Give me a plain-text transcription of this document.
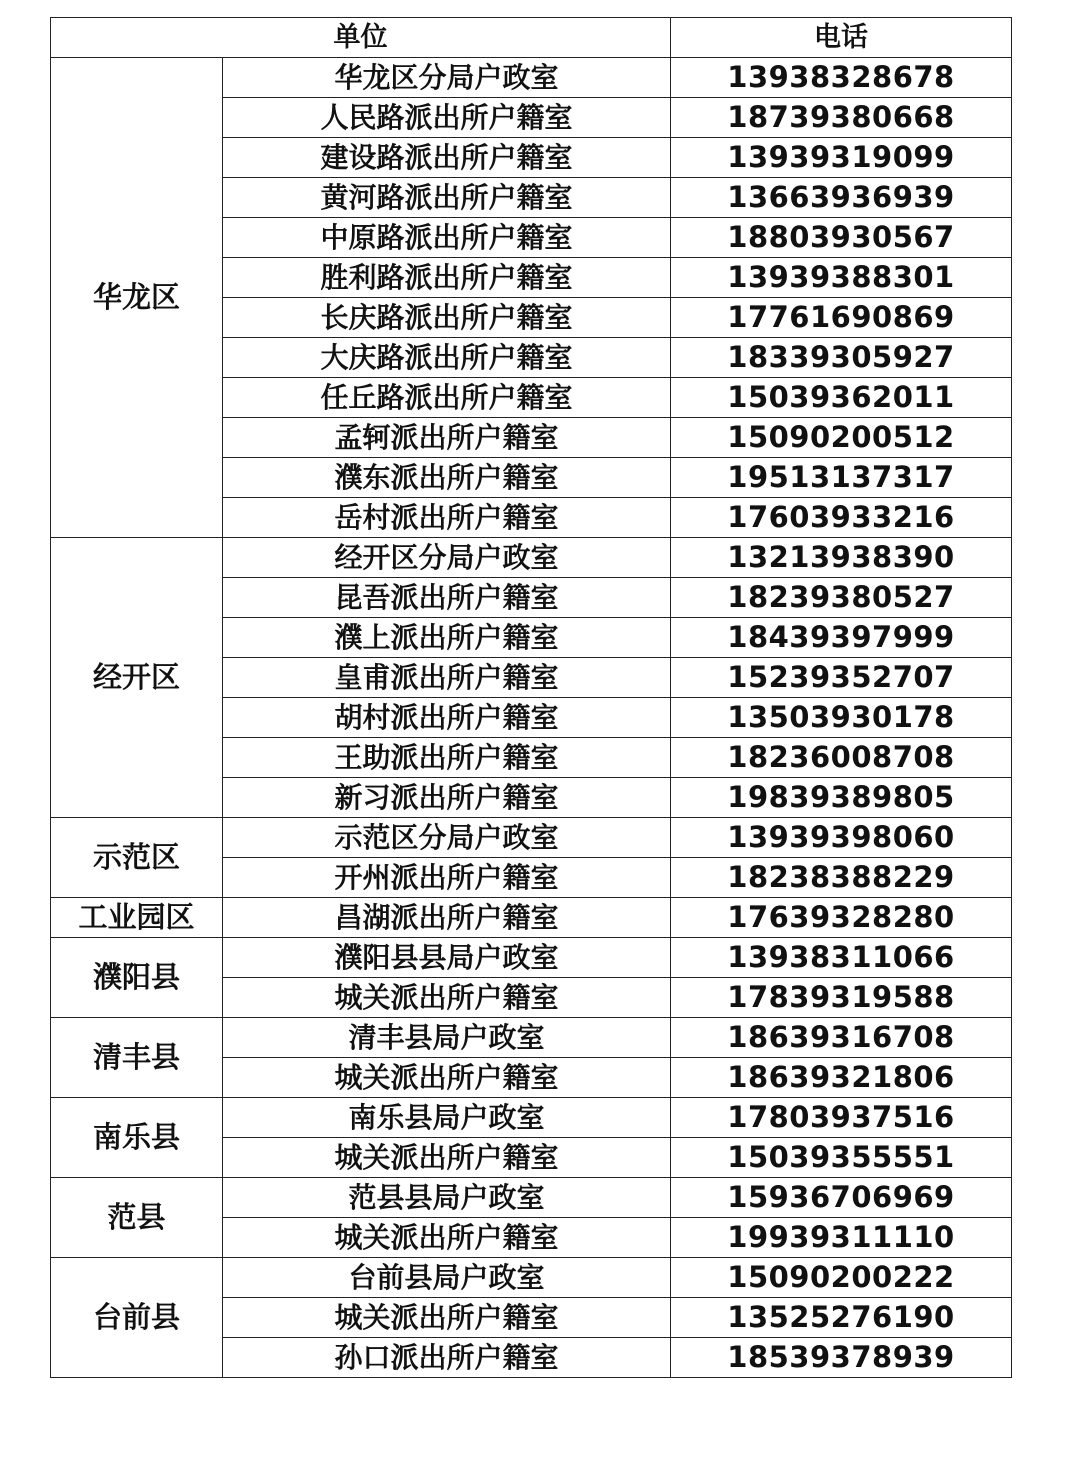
单位		电话
华龙区	华龙区分局户政室	13938328678
	人民路派出所户籍室	18739380668
	建设路派出所户籍室	13939319099
	黄河路派出所户籍室	13663936939
	中原路派出所户籍室	18803930567
	胜利路派出所户籍室	13939388301
	长庆路派出所户籍室	17761690869
	大庆路派出所户籍室	18339305927
	任丘路派出所户籍室	15039362011
	孟轲派出所户籍室	15090200512
	濮东派出所户籍室	19513137317
	岳村派出所户籍室	17603933216
经开区	经开区分局户政室	13213938390
	昆吾派出所户籍室	18239380527
	濮上派出所户籍室	18439397999
	皇甫派出所户籍室	15239352707
	胡村派出所户籍室	13503930178
	王助派出所户籍室	18236008708
	新习派出所户籍室	19839389805
示范区	示范区分局户政室	13939398060
	开州派出所户籍室	18238388229
工业园区	昌湖派出所户籍室	17639328280
濮阳县	濮阳县县局户政室	13938311066
	城关派出所户籍室	17839319588
清丰县	清丰县局户政室	18639316708
	城关派出所户籍室	18639321806
南乐县	南乐县局户政室	17803937516
	城关派出所户籍室	15039355551
范县	范县县局户政室	15936706969
	城关派出所户籍室	19939311110
台前县	台前县局户政室	15090200222
	城关派出所户籍室	13525276190
	孙口派出所户籍室	18539378939
